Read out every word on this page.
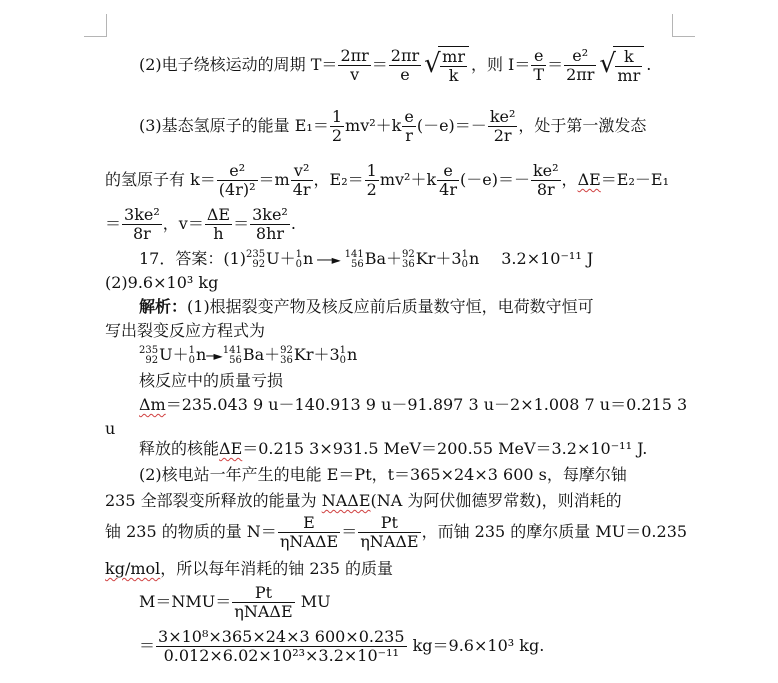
(2)电子绕核运动的周期 $T= \frac{2\pi r}{v} = \frac{2\pi r}{e}$ √ $\frac{mr}{k}$ ，则 $I= \frac{e}{T} = \frac{\text{e²}}{2\pi r}$ √ $\frac{k}{mr}$ .
(3)基态氢原子的能量 $E_1= \frac{1}{2} mv^2+k \frac{e}{r} (-e)=- \frac{\text{ke²}}{2r}$ ，处于第一激发态
的氢原子有 $k= \frac{\text{e²}}{\text{(4r)²}} =m \frac{\text{v²}}{4r}$ ，$E_2= \frac{1}{2} mv^2+k \frac{e}{4r} (-e)=- \frac{\text{ke²}}{8r}$ ，ΔE＝E₂－E₁
＝ $\frac{\text{3ke²}}{8r}$ ，$v= \frac{\Delta E}{h} = \frac{\text{3ke²}}{8hr}$ .
17．答案：(1) 235
92 U＋ 1
0 n ──► 141
56 Ba＋ 92
36 Kr＋3 1
0 n 3.2×10⁻¹¹ J
(2)9.6×10³ kg
解析：(1)根据裂变产物及核反应前后质量数守恒，电荷数守恒可
写出裂变反应方程式为
235
92 U＋ 1
0 n─► 141
56 Ba＋ 92
36 Kr＋3 1
0 n
核反应中的质量亏损
Δm＝235.043 9 u－140.913 9 u－91.897 3 u－2×1.008 7 u＝0.215 3
u
释放的核能ΔE＝0.215 3×931.5 MeV＝200.55 MeV＝3.2×10⁻¹¹ J.
(2)核电站一年产生的电能 E＝Pt，t＝365×24×3 600 s，每摩尔铀
235 全部裂变所释放的能量为 NAΔE(NA 为阿伏伽德罗常数)，则消耗的
铀 235 的物质的量 $N= \frac{E}{\text{ηNAΔE}} = \frac{Pt}{\text{ηNAΔE}}$ ，而铀 235 的摩尔质量 MU＝0.235
kg/mol，所以每年消耗的铀 235 的质量
$M=NMU= \frac{Pt}{\text{ηNAΔE}}$ MU
＝ $\frac{\text{3×10⁸×365×24×3 600×0.235}}{\text{0.012×6.02×10²³×3.2×10⁻¹¹}} kg=9.6\times 10^3$ kg.
